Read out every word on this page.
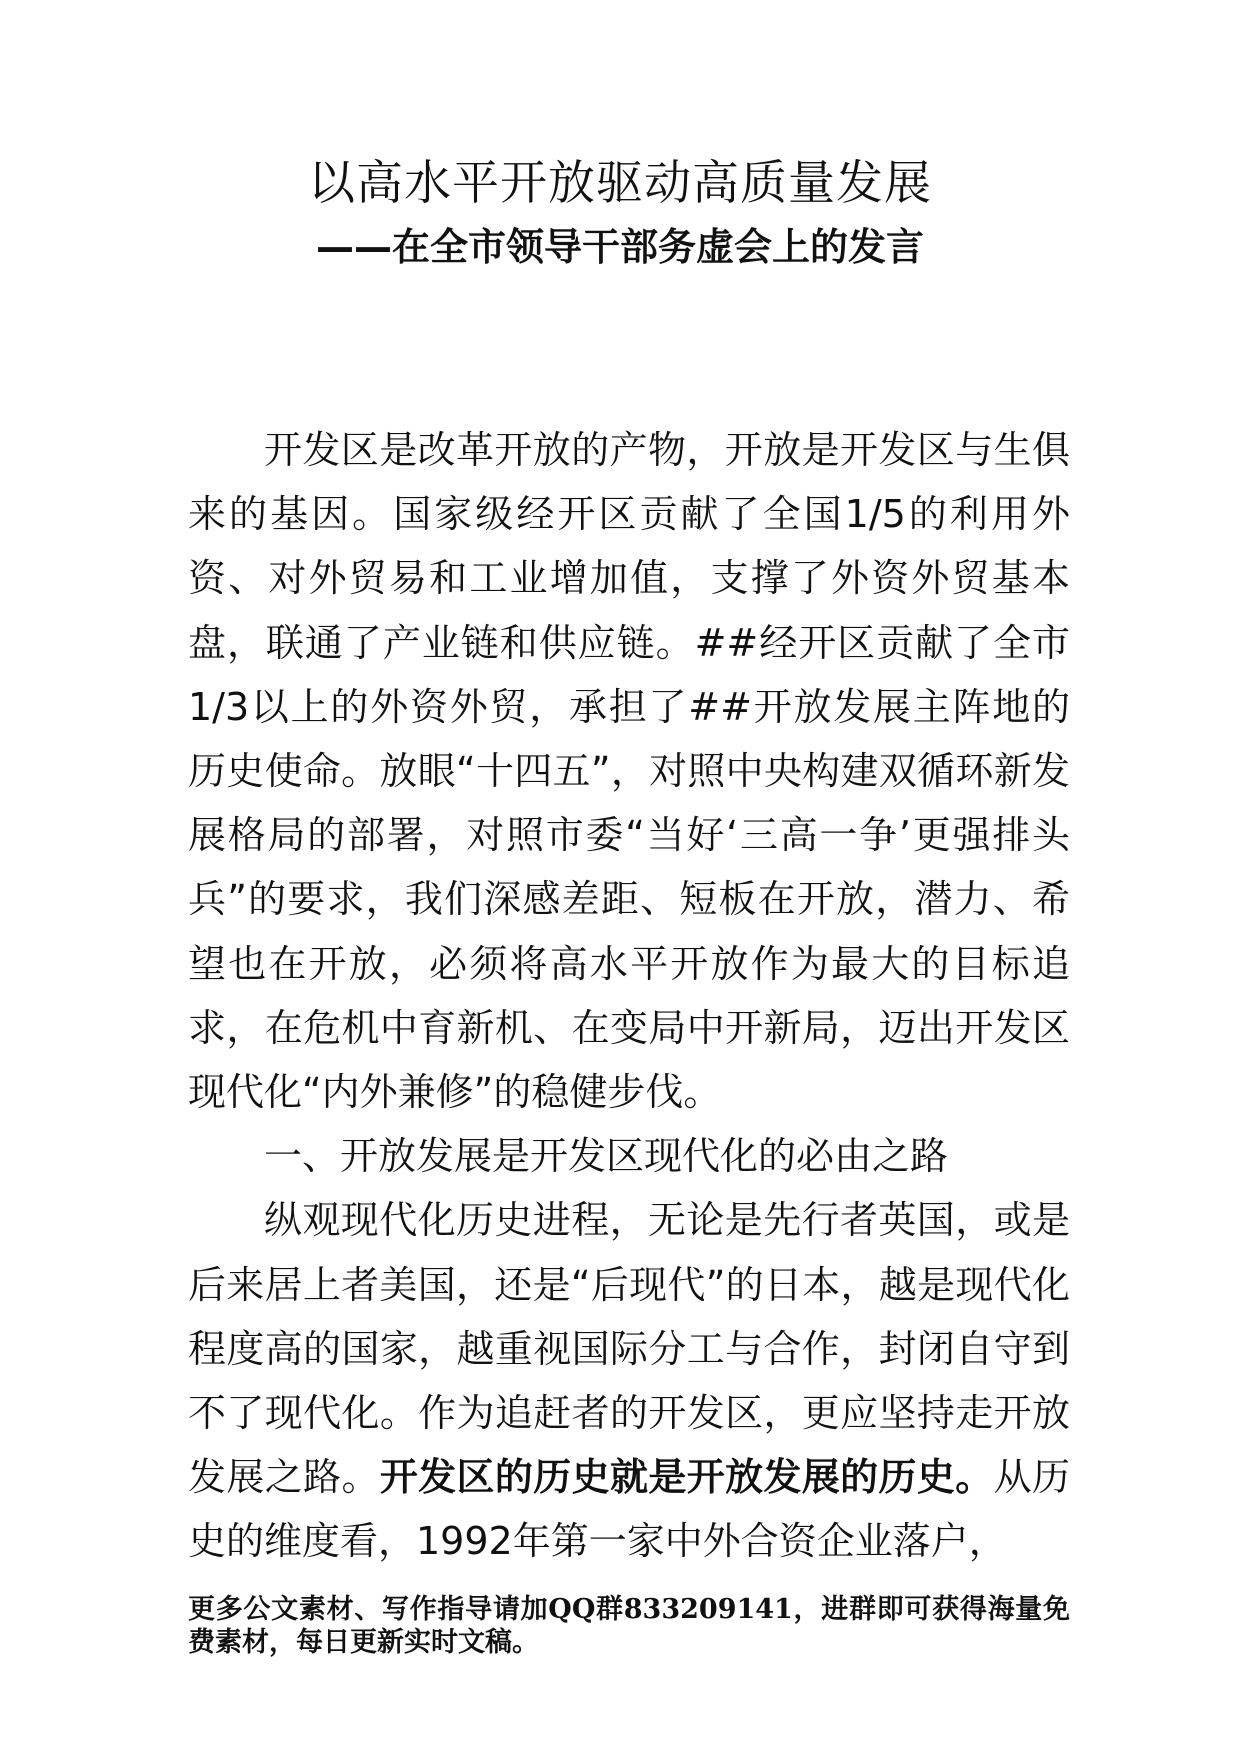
以高水平开放驱动高质量发展
——在全市领导干部务虚会上的发言

开发区是改革开放的产物，开放是开发区与生俱来的基因。国家级经开区贡献了全国1/5的利用外资、对外贸易和工业增加值，支撑了外资外贸基本盘，联通了产业链和供应链。##经开区贡献了全市1/3以上的外资外贸，承担了##开放发展主阵地的历史使命。放眼“十四五”，对照中央构建双循环新发展格局的部署，对照市委“当好‘三高一争’更强排头兵”的要求，我们深感差距、短板在开放，潜力、希望也在开放，必须将高水平开放作为最大的目标追求，在危机中育新机、在变局中开新局，迈出开发区现代化“内外兼修”的稳健步伐。

一、开放发展是开发区现代化的必由之路

纵观现代化历史进程，无论是先行者英国，或是后来居上者美国，还是“后现代”的日本，越是现代化程度高的国家，越重视国际分工与合作，封闭自守到不了现代化。作为追赶者的开发区，更应坚持走开放发展之路。开发区的历史就是开放发展的历史。从历史的维度看，1992年第一家中外合资企业落户，

更多公文素材、写作指导请加QQ群833209141，进群即可获得海量免费素材，每日更新实时文稿。
